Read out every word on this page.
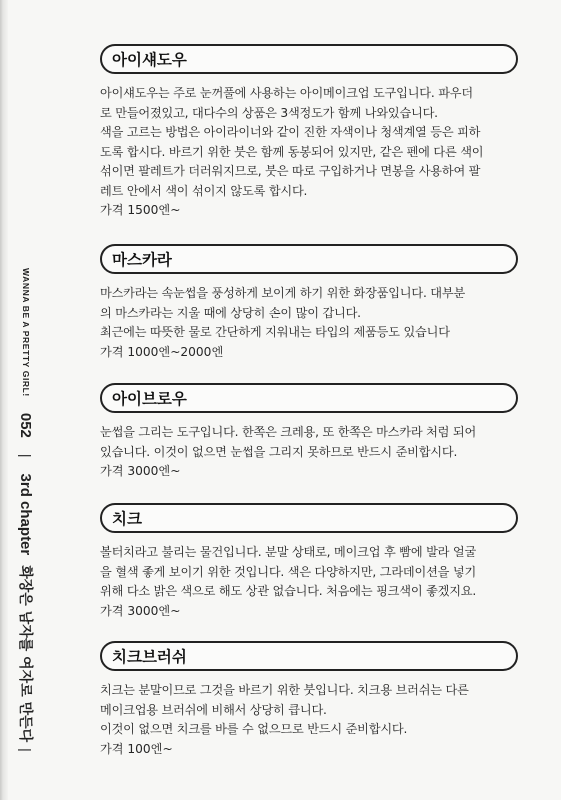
WANNA BE A PRETTY GIRL!
052
|
3rd chapter
화장은 남자를 여자로 만든다
|
아이섀도우

아이섀도우는 주로 눈꺼풀에 사용하는 아이메이크업 도구입니다. 파우더
로 만들어졌있고, 대다수의 상품은 3색정도가 함께 나와있습니다.

색을 고르는 방법은 아이라이너와 같이 진한 자색이나 청색계열 등은 피하
도록 합시다. 바르기 위한 붓은 함께 동봉되어 있지만, 같은 펜에 다른 색이
섞이면 팔레트가 더러워지므로, 붓은 따로 구입하거나 면봉을 사용하여 팔
레트 안에서 색이 섞이지 않도록 합시다.

가격 1500엔~

마스카라

마스카라는 속눈썹을 풍성하게 보이게 하기 위한 화장품입니다. 대부분
의 마스카라는 지울 때에 상당히 손이 많이 갑니다.

최근에는 따뜻한 물로 간단하게 지워내는 타입의 제품등도 있습니다

가격 1000엔~2000엔

아이브로우

눈썹을 그리는 도구입니다. 한쪽은 크레용, 또 한쪽은 마스카라 처럼 되어
있습니다. 이것이 없으면 눈썹을 그리지 못하므로 반드시 준비합시다.

가격 3000엔~

치크

볼터치라고 불리는 물건입니다. 분말 상태로, 메이크업 후 빰에 발라 얼굴
을 혈색 좋게 보이기 위한 것입니다. 색은 다양하지만, 그라데이션을 넣기
위해 다소 밝은 색으로 해도 상관 없습니다. 처음에는 핑크색이 좋겠지요.

가격 3000엔~

치크브러쉬

치크는 분말이므로 그것을 바르기 위한 붓입니다. 치크용 브러쉬는 다른
메이크업용 브러쉬에 비해서 상당히 큽니다.

이것이 없으면 치크를 바를 수 없으므로 반드시 준비합시다.

가격 100엔~
